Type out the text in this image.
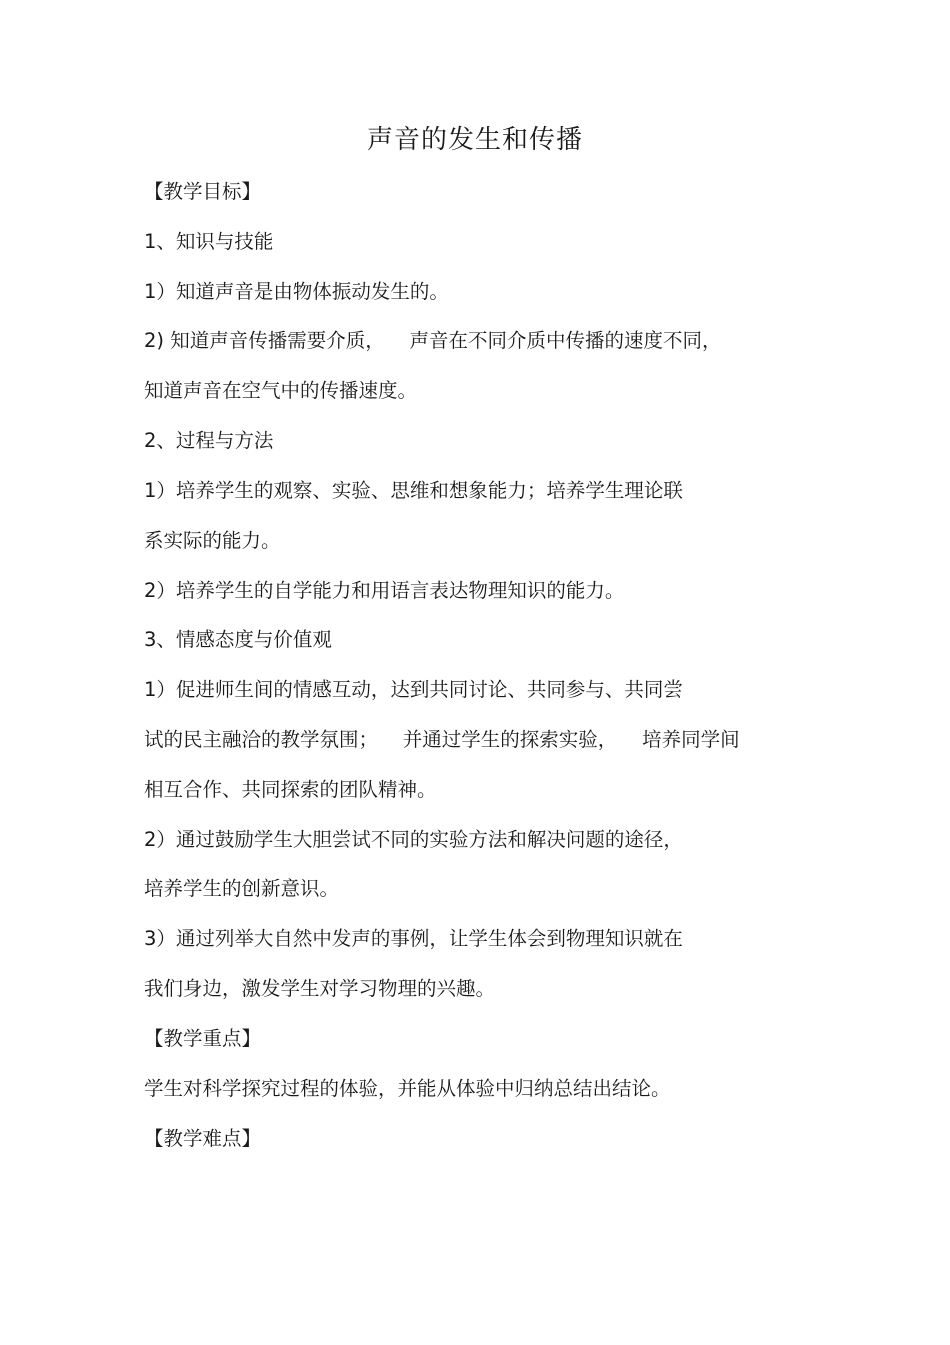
声音的发生和传播

【教学目标】

1、知识与技能

1）知道声音是由物体振动发生的。

2) 知道声音传播需要介质，    声音在不同介质中传播的速度不同，

知道声音在空气中的传播速度。

2、过程与方法

1）培养学生的观察、实验、思维和想象能力；培养学生理论联

系实际的能力。

2）培养学生的自学能力和用语言表达物理知识的能力。

3、情感态度与价值观

1）促进师生间的情感互动，达到共同讨论、共同参与、共同尝

试的民主融洽的教学氛围；    并通过学生的探索实验，    培养同学间

相互合作、共同探索的团队精神。

2）通过鼓励学生大胆尝试不同的实验方法和解决问题的途径，

培养学生的创新意识。

3）通过列举大自然中发声的事例，让学生体会到物理知识就在

我们身边，激发学生对学习物理的兴趣。

【教学重点】

学生对科学探究过程的体验，并能从体验中归纳总结出结论。

【教学难点】
